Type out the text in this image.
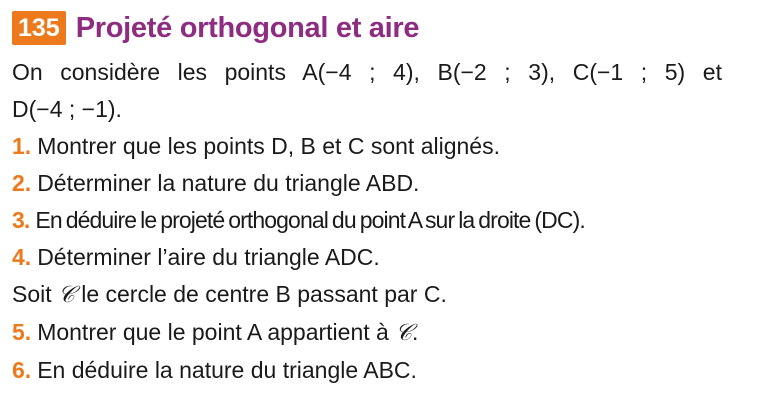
135 Projeté orthogonal et aire
On considère les points A(−4 ; 4), B(−2 ; 3), C(−1 ; 5) et
D(−4 ; −1).
1. Montrer que les points D, B et C sont alignés.
2. Déterminer la nature du triangle ABD.
3. En déduire le projeté orthogonal du point A sur la droite (DC).
4. Déterminer l’aire du triangle ADC.
Soit 𝒞 le cercle de centre B passant par C.
5. Montrer que le point A appartient à 𝒞.
6. En déduire la nature du triangle ABC.
